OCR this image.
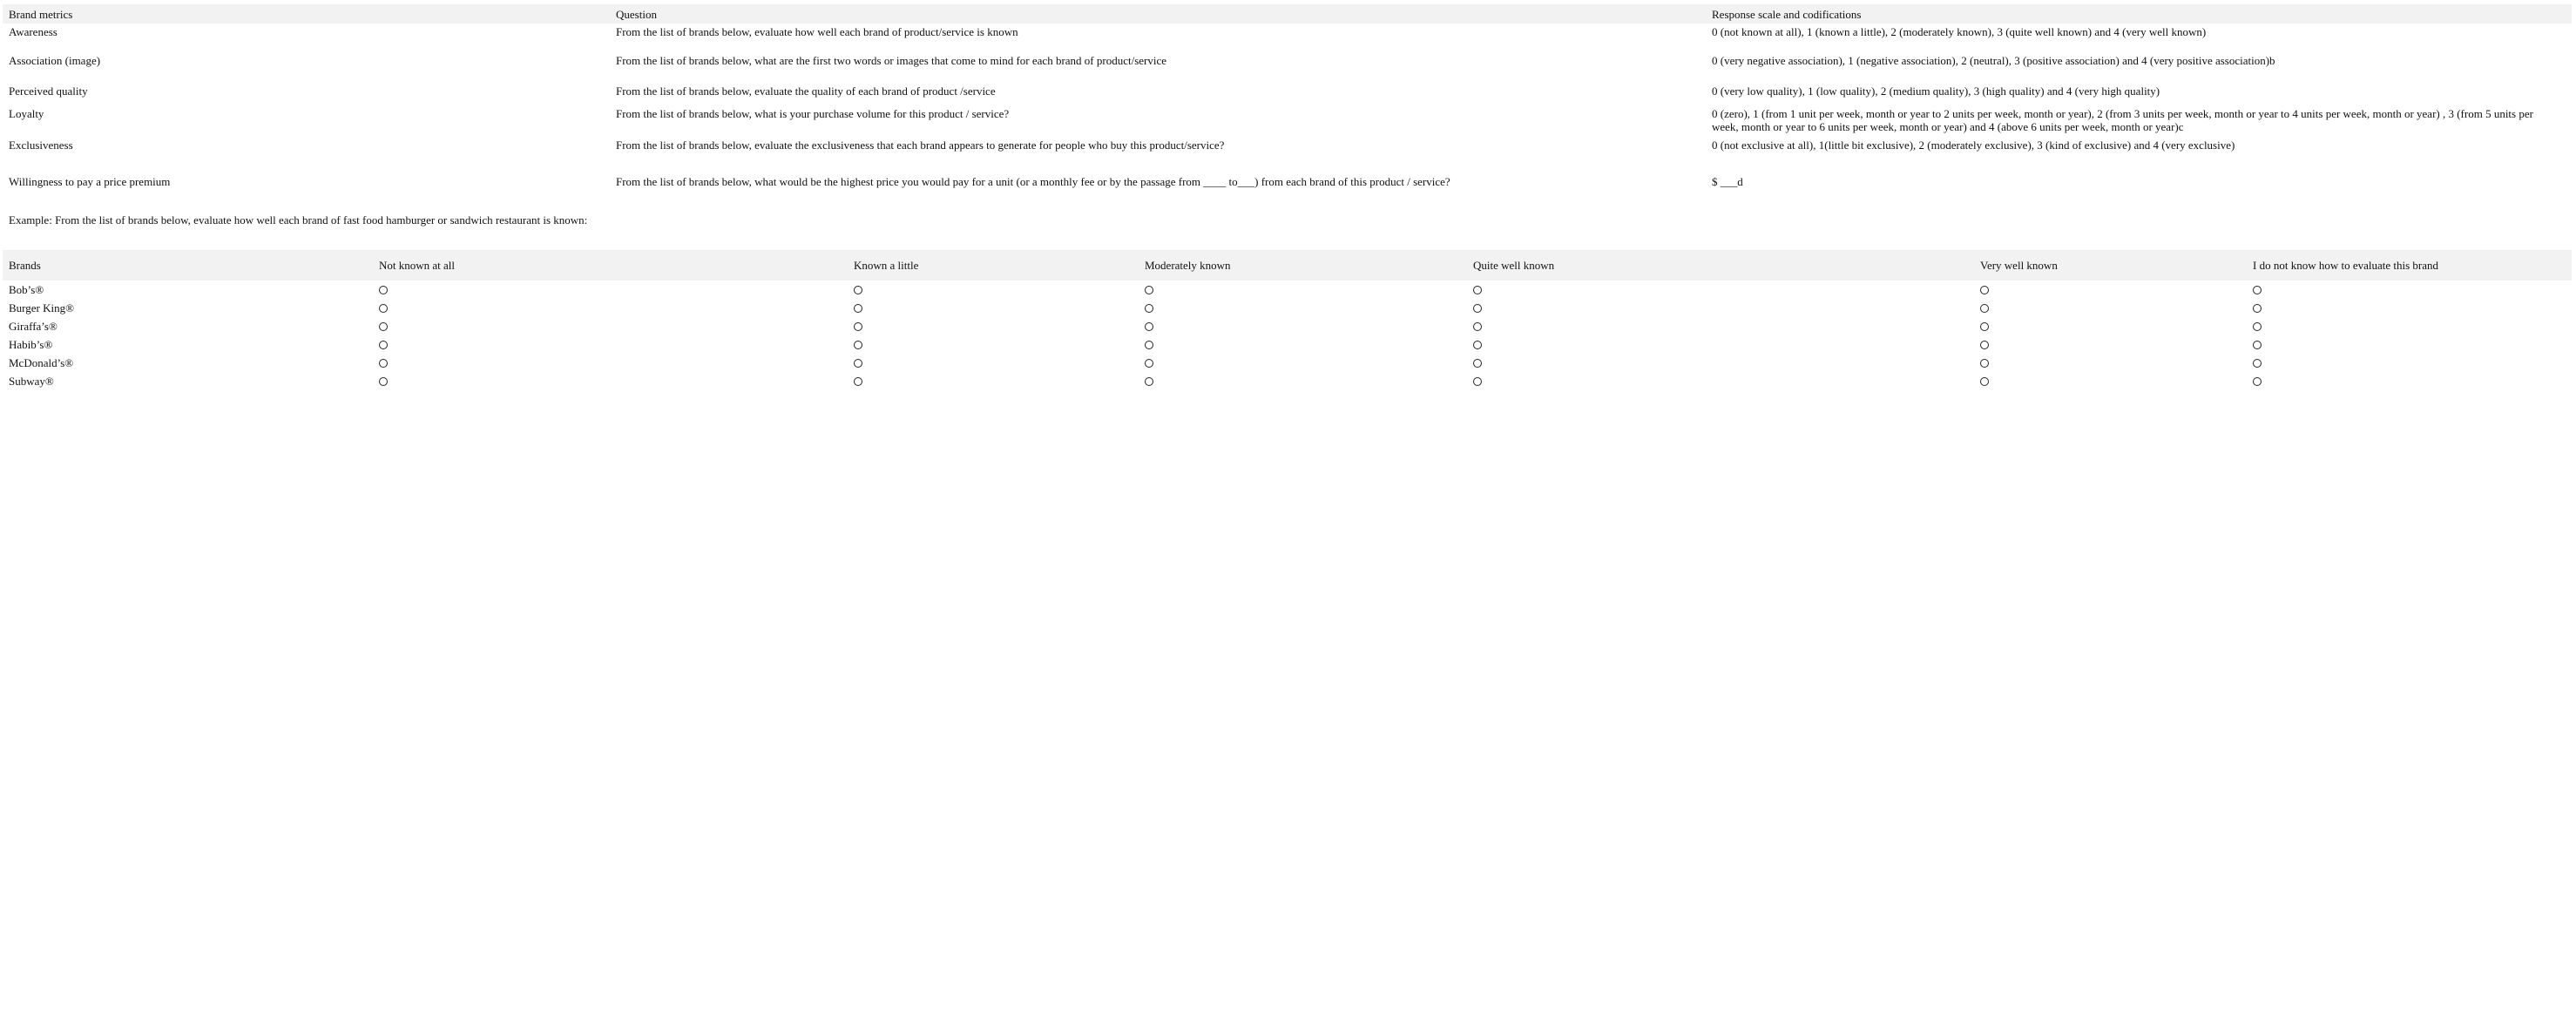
Brand metrics	Question	Response scale and codifications
Awareness	From the list of brands below, evaluate how well each brand of product/service is known	0 (not known at all), 1 (known a little), 2 (moderately known), 3 (quite well known) and 4 (very well known)
Association (image)	From the list of brands below, what are the first two words or images that come to mind for each brand of product/service	0 (very negative association), 1 (negative association), 2 (neutral), 3 (positive association) and 4 (very positive association)b
Perceived quality	From the list of brands below, evaluate the quality of each brand of product /service	0 (very low quality), 1 (low quality), 2 (medium quality), 3 (high quality) and 4 (very high quality)
Loyalty	From the list of brands below, what is your purchase volume for this product / service?	0 (zero), 1 (from 1 unit per week, month or year to 2 units per week, month or year), 2 (from 3 units per week, month or year to 4 units per week, month or year) , 3 (from 5 units per week, month or year to 6 units per week, month or year) and 4 (above 6 units per week, month or year)c
Exclusiveness	From the list of brands below, evaluate the exclusiveness that each brand appears to generate for people who buy this product/service?	0 (not exclusive at all), 1(little bit exclusive), 2 (moderately exclusive), 3 (kind of exclusive) and 4 (very exclusive)
Willingness to pay a price premium	From the list of brands below, what would be the highest price you would pay for a unit (or a monthly fee or by the passage from ____ to___) from each brand of this product / service?	$ ___d

Example: From the list of brands below, evaluate how well each brand of fast food hamburger or sandwich restaurant is known:

Brands	Not known at all	Known a little	Moderately known	Quite well known	Very well known	I do not know how to evaluate this brand
Bob’s®						
Burger King®						
Giraffa’s®						
Habib’s®						
McDonald’s®						
Subway®						
